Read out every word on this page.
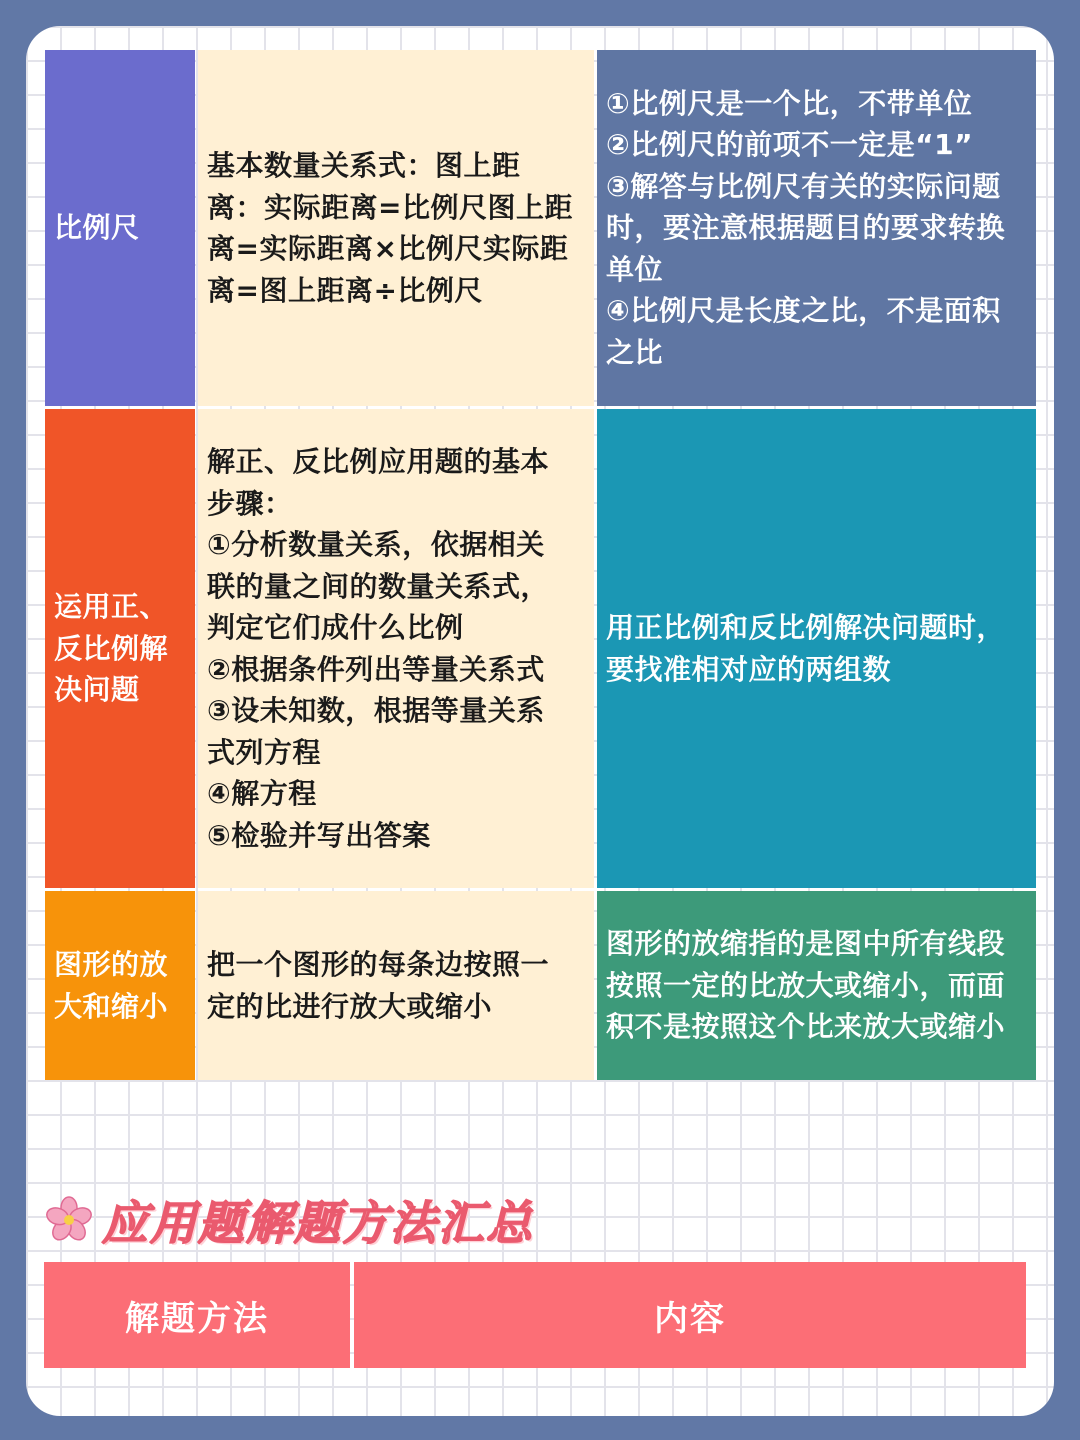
比例尺
基本数量关系式：图上距
离：实际距离=比例尺图上距
离=实际距离×比例尺实际距
离=图上距离÷比例尺
①比例尺是一个比，不带单位
②比例尺的前项不一定是“1”
③解答与比例尺有关的实际问题
时，要注意根据题目的要求转换
单位
④比例尺是长度之比，不是面积
之比
运用正、
反比例解
决问题
解正、反比例应用题的基本
步骤：
①分析数量关系，依据相关
联的量之间的数量关系式，
判定它们成什么比例
②根据条件列出等量关系式
③设未知数，根据等量关系
式列方程
④解方程
⑤检验并写出答案
用正比例和反比例解决问题时，
要找准相对应的两组数
图形的放
大和缩小
把一个图形的每条边按照一
定的比进行放大或缩小
图形的放缩指的是图中所有线段
按照一定的比放大或缩小，而面
积不是按照这个比来放大或缩小
应用题解题方法汇总
解题方法	内容
